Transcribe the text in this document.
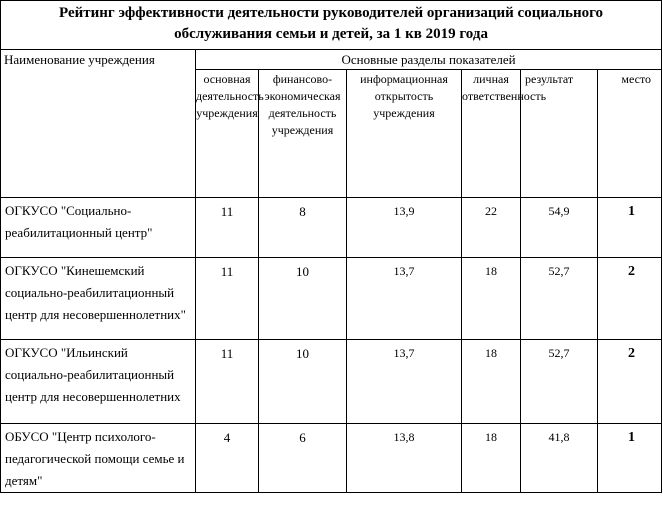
Рейтинг эффективности деятельности руководителей организаций социального
обслуживания семьи и детей, за 1 кв 2019 года						

Наименование учреждения	Основные разделы показателей					
	основная деятельность учреждения	финансово-экономическая деятельность учреждения	информационная открытость учреждения	личная ответственность	результат	место
ОГКУСО "Социально-реабилитационный центр"	11	8	13,9	22	54,9	1
ОГКУСО "Кинешемский социально-реабилитационный центр для несовершеннолетних"	11	10	13,7	18	52,7	2
ОГКУСО "Ильинский социально-реабилитационный центр для несовершеннолетних	11	10	13,7	18	52,7	2
ОБУСО "Центр психолого-педагогической помощи семье и детям"	4	6	13,8	18	41,8	1
